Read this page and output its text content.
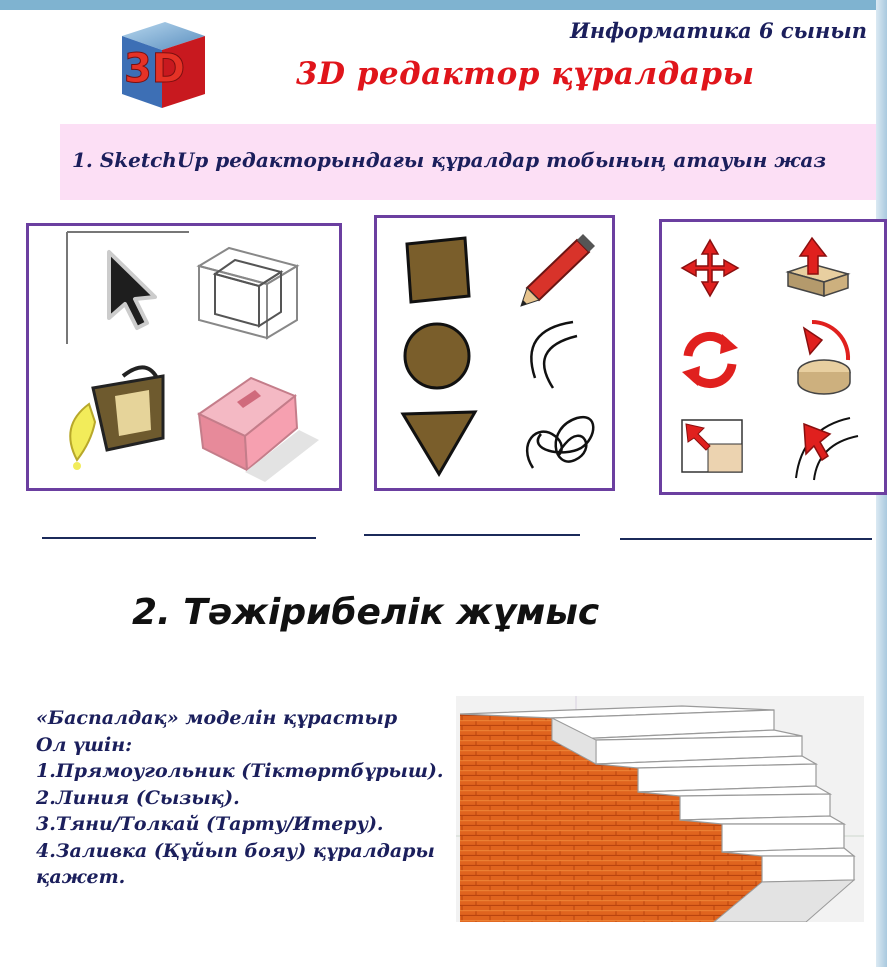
3D
Информатика 6 сынып
3D редактор құралдары
1. SketchUp редакторындағы құралдар тобының атауын жаз
2. Тәжірибелік жұмыс
«Баспалдақ» моделін құрастыр
Ол үшін:
1.Прямоугольник (Тіктөртбұрыш).
2.Линия (Сызық).
3.Тяни/Толкай (Тарту/Итеру).
4.Заливка (Құйып бояу) құралдары
қажет.
